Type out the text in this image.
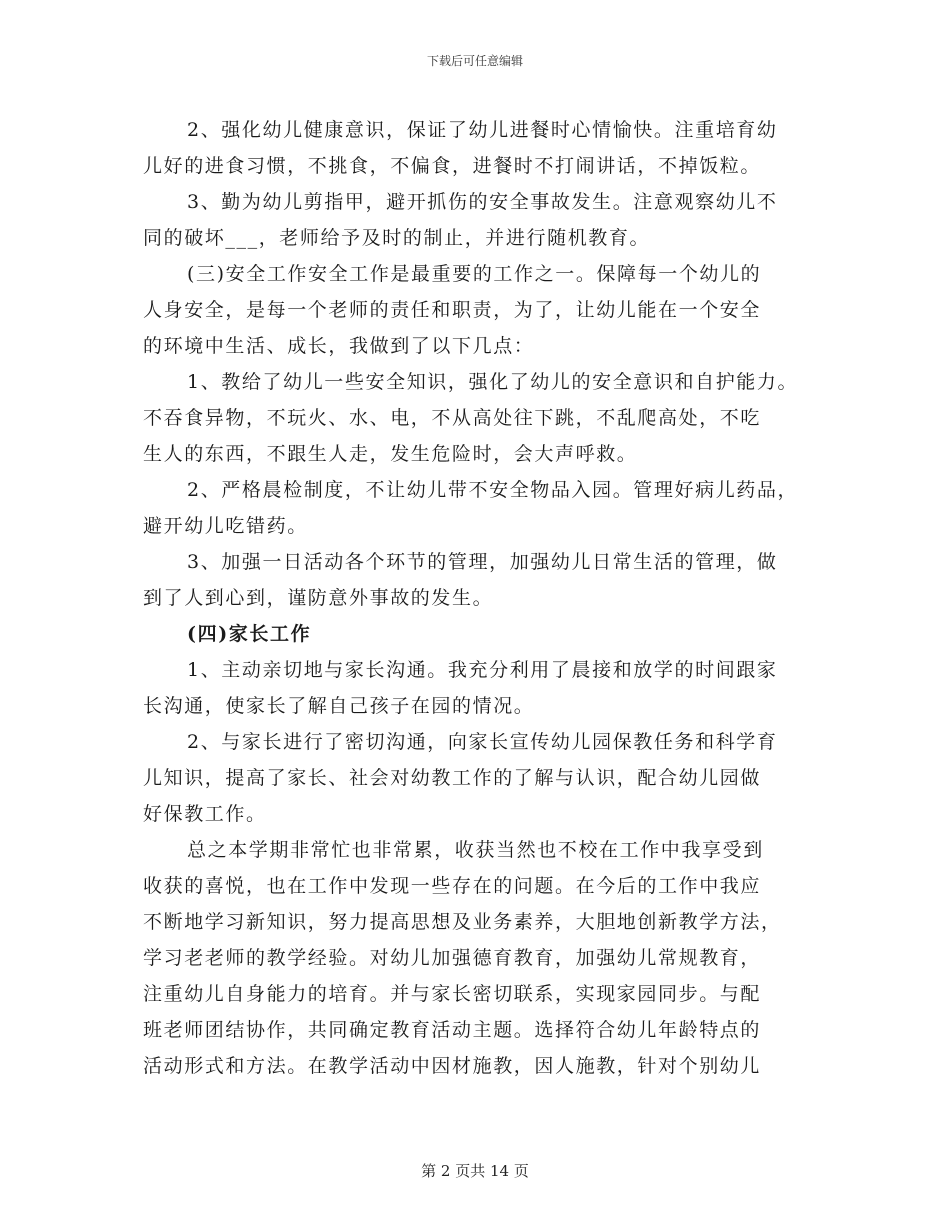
下载后可任意编辑
2、强化幼儿健康意识，保证了幼儿进餐时心情愉快。注重培育幼
儿好的进食习惯，不挑食，不偏食，进餐时不打闹讲话，不掉饭粒。
3、勤为幼儿剪指甲，避开抓伤的安全事故发生。注意观察幼儿不
同的破坏___，老师给予及时的制止，并进行随机教育。
(三)安全工作安全工作是最重要的工作之一。保障每一个幼儿的
人身安全，是每一个老师的责任和职责，为了，让幼儿能在一个安全
的环境中生活、成长，我做到了以下几点：
1、教给了幼儿一些安全知识，强化了幼儿的安全意识和自护能力。
不吞食异物，不玩火、水、电，不从高处往下跳，不乱爬高处，不吃
生人的东西，不跟生人走，发生危险时，会大声呼救。
2、严格晨检制度，不让幼儿带不安全物品入园。管理好病儿药品，
避开幼儿吃错药。
3、加强一日活动各个环节的管理，加强幼儿日常生活的管理，做
到了人到心到，谨防意外事故的发生。
(四)家长工作
1、主动亲切地与家长沟通。我充分利用了晨接和放学的时间跟家
长沟通，使家长了解自己孩子在园的情况。
2、与家长进行了密切沟通，向家长宣传幼儿园保教任务和科学育
儿知识，提高了家长、社会对幼教工作的了解与认识，配合幼儿园做
好保教工作。
总之本学期非常忙也非常累，收获当然也不校在工作中我享受到
收获的喜悦，也在工作中发现一些存在的问题。在今后的工作中我应
不断地学习新知识，努力提高思想及业务素养，大胆地创新教学方法，
学习老老师的教学经验。对幼儿加强德育教育，加强幼儿常规教育，
注重幼儿自身能力的培育。并与家长密切联系，实现家园同步。与配
班老师团结协作，共同确定教育活动主题。选择符合幼儿年龄特点的
活动形式和方法。在教学活动中因材施教，因人施教，针对个别幼儿
第 2 页共 14 页
